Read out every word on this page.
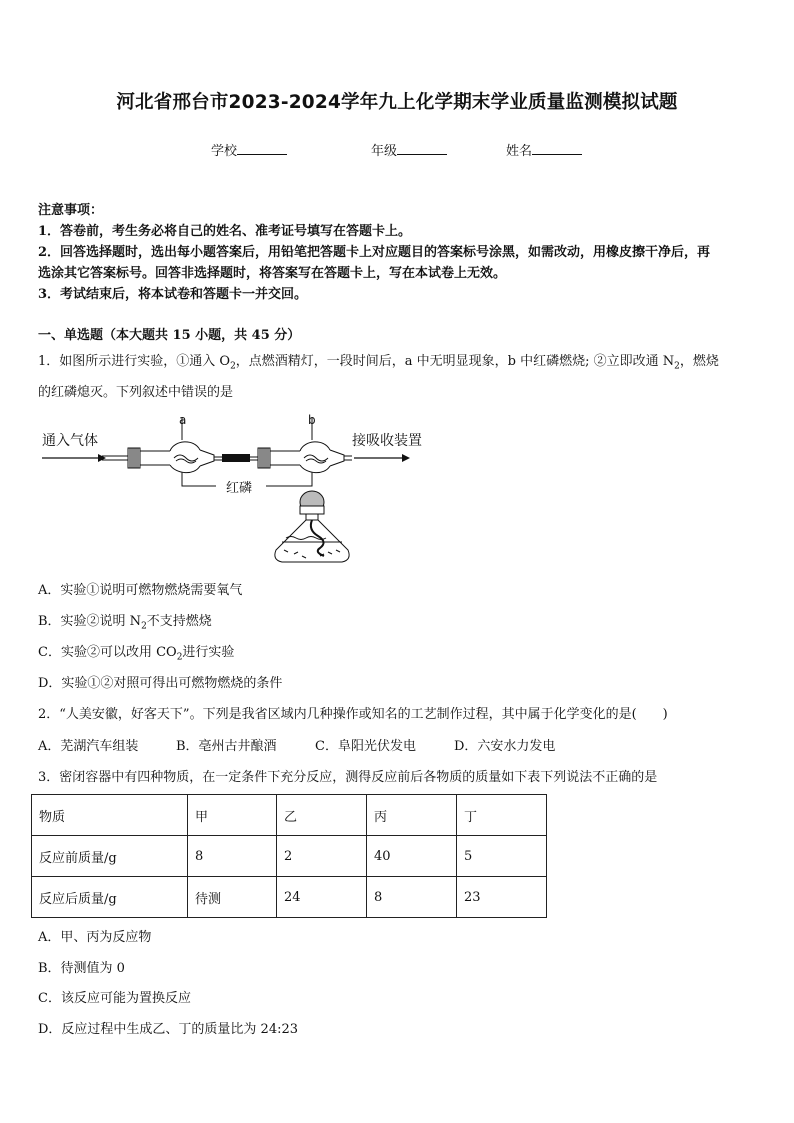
河北省邢台市2023-2024学年九上化学期末学业质量监测模拟试题
学校	年级	姓名
注意事项：
1．答卷前，考生务必将自己的姓名、准考证号填写在答题卡上。
2．回答选择题时，选出每小题答案后，用铅笔把答题卡上对应题目的答案标号涂黑，如需改动，用橡皮擦干净后，再
选涂其它答案标号。回答非选择题时，将答案写在答题卡上，写在本试卷上无效。
3．考试结束后，将本试卷和答题卡一并交回。
一、单选题（本大题共 15 小题，共 45 分）
1．如图所示进行实验，①通入 $O_2$，点燃酒精灯，一段时间后，a 中无明显现象，b 中红磷燃烧; ②立即改通 $N_2$，燃烧
的红磷熄灭。下列叙述中错误的是
通入气体
a	b
接吸收装置
红磷
A．实验①说明可燃物燃烧需要氧气
B．实验②说明 $N_2$不支持燃烧
C．实验②可以改用 $CO_2$进行实验
D．实验①②对照可得出可燃物燃烧的条件
2．“人美安徽，好客天下”。下列是我省区域内几种操作或知名的工艺制作过程，其中属于化学变化的是(　　)
A．芜湖汽车组装	B．亳州古井酿酒	C．阜阳光伏发电	D．六安水力发电
3．密闭容器中有四种物质，在一定条件下充分反应，测得反应前后各物质的质量如下表下列说法不正确的是
物质	甲	乙	丙	丁
反应前质量/g	8	2	40	5
反应后质量/g	待测	24	8	23
A．甲、丙为反应物
B．待测值为 0
C．该反应可能为置换反应
D．反应过程中生成乙、丁的质量比为 24:23
